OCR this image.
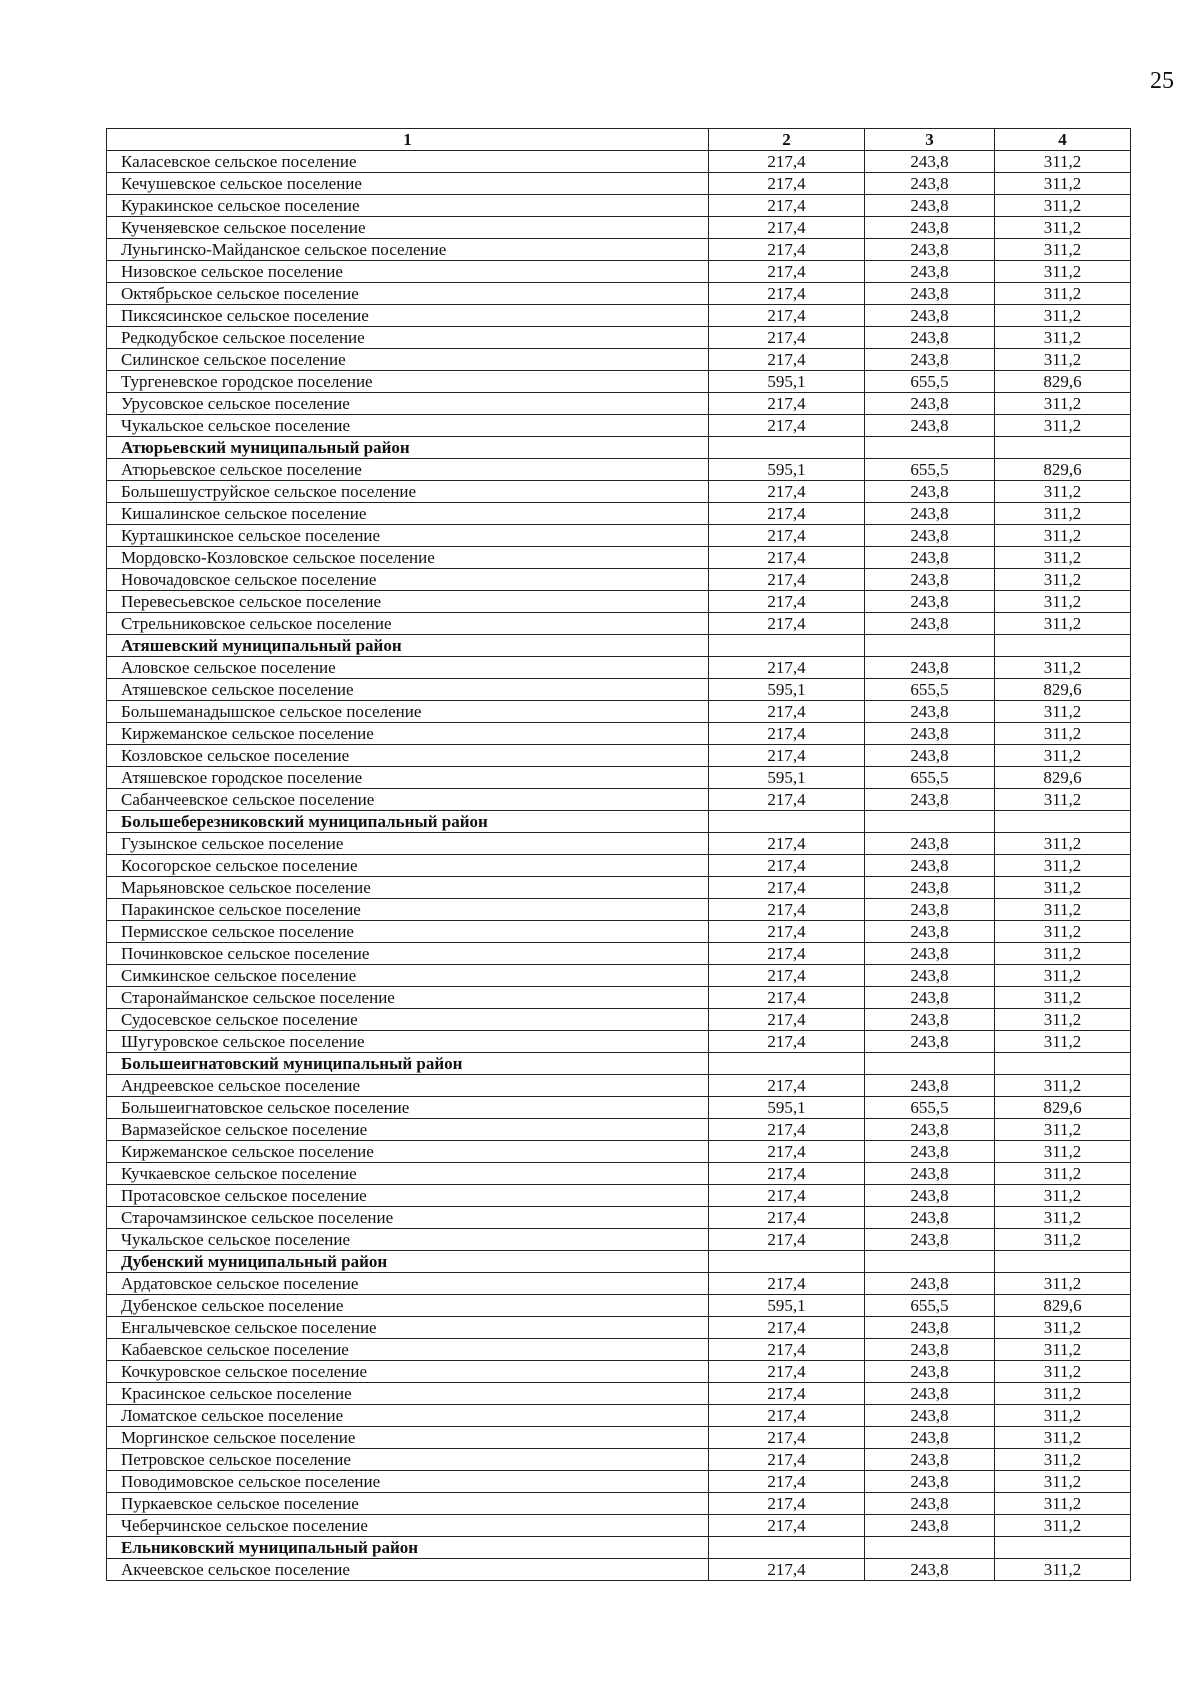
25
1	2	3	4
Каласевское сельское поселение	217,4	243,8	311,2
Кечушевское сельское поселение	217,4	243,8	311,2
Куракинское сельское поселение	217,4	243,8	311,2
Кученяевское сельское поселение	217,4	243,8	311,2
Луньгинско-Майданское сельское поселение	217,4	243,8	311,2
Низовское сельское поселение	217,4	243,8	311,2
Октябрьское сельское поселение	217,4	243,8	311,2
Пиксясинское сельское поселение	217,4	243,8	311,2
Редкодубское сельское поселение	217,4	243,8	311,2
Силинское сельское поселение	217,4	243,8	311,2
Тургеневское городское поселение	595,1	655,5	829,6
Урусовское сельское поселение	217,4	243,8	311,2
Чукальское сельское поселение	217,4	243,8	311,2
Атюрьевский муниципальный район			
Атюрьевское сельское поселение	595,1	655,5	829,6
Большешуструйское сельское поселение	217,4	243,8	311,2
Кишалинское сельское поселение	217,4	243,8	311,2
Курташкинское сельское поселение	217,4	243,8	311,2
Мордовско-Козловское сельское поселение	217,4	243,8	311,2
Новочадовское сельское поселение	217,4	243,8	311,2
Перевесьевское сельское поселение	217,4	243,8	311,2
Стрельниковское сельское поселение	217,4	243,8	311,2
Атяшевский муниципальный район			
Аловское сельское поселение	217,4	243,8	311,2
Атяшевское сельское поселение	595,1	655,5	829,6
Большеманадышское сельское поселение	217,4	243,8	311,2
Киржеманское сельское поселение	217,4	243,8	311,2
Козловское сельское поселение	217,4	243,8	311,2
Атяшевское городское поселение	595,1	655,5	829,6
Сабанчеевское сельское поселение	217,4	243,8	311,2
Большеберезниковский муниципальный район			
Гузынское сельское поселение	217,4	243,8	311,2
Косогорское сельское поселение	217,4	243,8	311,2
Марьяновское сельское поселение	217,4	243,8	311,2
Паракинское сельское поселение	217,4	243,8	311,2
Пермисское сельское поселение	217,4	243,8	311,2
Починковское сельское поселение	217,4	243,8	311,2
Симкинское сельское поселение	217,4	243,8	311,2
Старонайманское сельское поселение	217,4	243,8	311,2
Судосевское сельское поселение	217,4	243,8	311,2
Шугуровское сельское поселение	217,4	243,8	311,2
Большеигнатовский муниципальный район			
Андреевское сельское поселение	217,4	243,8	311,2
Большеигнатовское сельское поселение	595,1	655,5	829,6
Вармазейское сельское поселение	217,4	243,8	311,2
Киржеманское сельское поселение	217,4	243,8	311,2
Кучкаевское сельское поселение	217,4	243,8	311,2
Протасовское сельское поселение	217,4	243,8	311,2
Старочамзинское сельское поселение	217,4	243,8	311,2
Чукальское сельское поселение	217,4	243,8	311,2
Дубенский муниципальный район			
Ардатовское сельское поселение	217,4	243,8	311,2
Дубенское сельское поселение	595,1	655,5	829,6
Енгалычевское сельское поселение	217,4	243,8	311,2
Кабаевское сельское поселение	217,4	243,8	311,2
Кочкуровское сельское поселение	217,4	243,8	311,2
Красинское сельское поселение	217,4	243,8	311,2
Ломатское сельское поселение	217,4	243,8	311,2
Моргинское сельское поселение	217,4	243,8	311,2
Петровское сельское поселение	217,4	243,8	311,2
Поводимовское сельское поселение	217,4	243,8	311,2
Пуркаевское сельское поселение	217,4	243,8	311,2
Чеберчинское сельское поселение	217,4	243,8	311,2
Ельниковский муниципальный район			
Акчеевское сельское поселение	217,4	243,8	311,2
